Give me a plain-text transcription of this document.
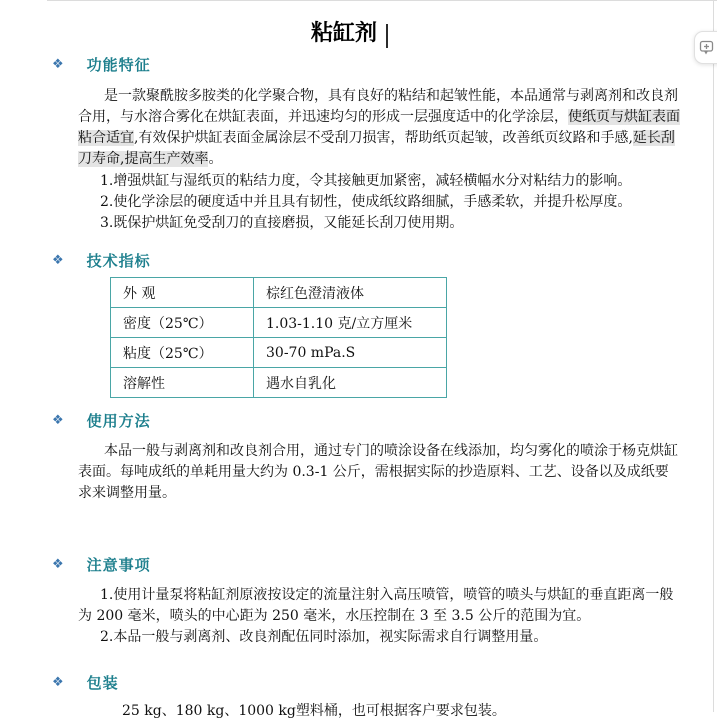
粘缸剂
❖ 功能特征

是一款聚酰胺多胺类的化学聚合物，具有良好的粘结和起皱性能，本品通常与剥离剂和改良剂合用，与水溶合雾化在烘缸表面，并迅速均匀的形成一层强度适中的化学涂层，使纸页与烘缸表面粘合适宜,有效保护烘缸表面金属涂层不受刮刀损害，帮助纸页起皱，改善纸页纹路和手感,延长刮刀寿命,提高生产效率。

1.增强烘缸与湿纸页的粘结力度，令其接触更加紧密，减轻横幅水分对粘结力的影响。

2.使化学涂层的硬度适中并且具有韧性，使成纸纹路细腻，手感柔软，并提升松厚度。

3.既保护烘缸免受刮刀的直接磨损，又能延长刮刀使用期。

❖ 技术指标
外 观	棕红色澄清液体
密度（25℃）	1.03-1.10 克/立方厘米
粘度（25℃）	30-70 mPa.S
溶解性	遇水自乳化
❖ 使用方法

本品一般与剥离剂和改良剂合用，通过专门的喷涂设备在线添加，均匀雾化的喷涂于杨克烘缸表面。每吨成纸的单耗用量大约为 0.3-1 公斤，需根据实际的抄造原料、工艺、设备以及成纸要求来调整用量。

❖ 注意事项

1.使用计量泵将粘缸剂原液按设定的流量注射入高压喷管，喷管的喷头与烘缸的垂直距离一般为 200 毫米，喷头的中心距为 250 毫米，水压控制在 3 至 3.5 公斤的范围为宜。

2.本品一般与剥离剂、改良剂配伍同时添加，视实际需求自行调整用量。

❖ 包装

25 kg、180 kg、1000 kg塑料桶，也可根据客户要求包装。
